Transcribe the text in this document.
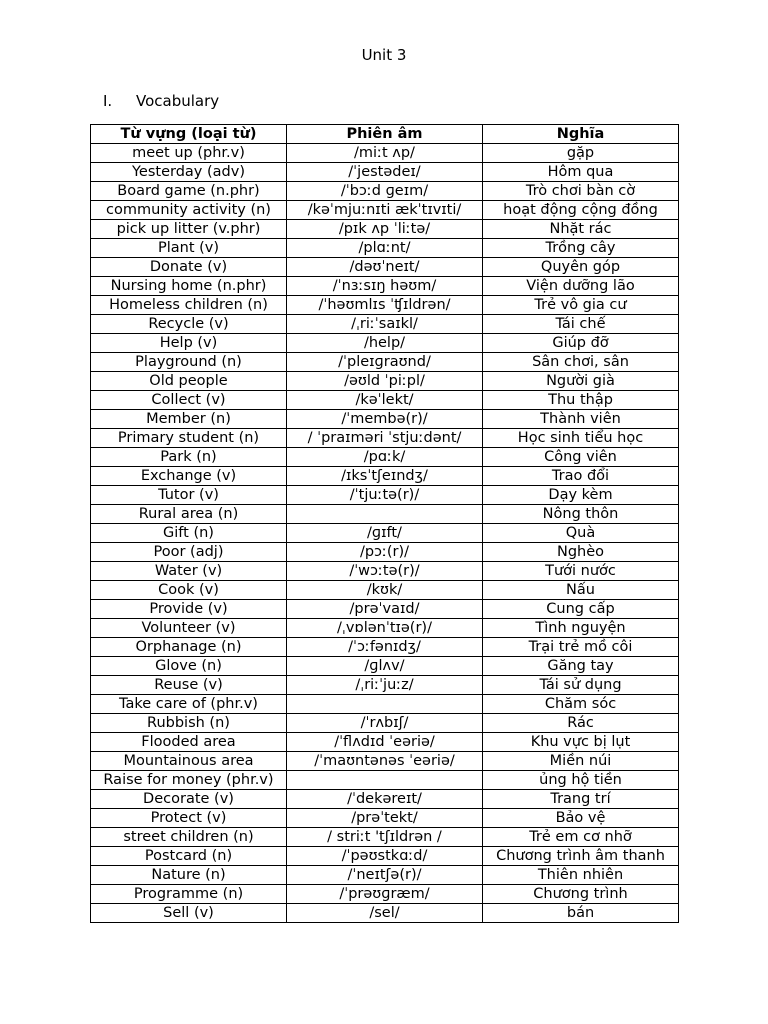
Unit 3
I. Vocabulary
Từ vựng (loại từ)	Phiên âm	Nghĩa
meet up (phr.v)	/miːt ʌp/	gặp
Yesterday (adv)	/ˈjestədeɪ/	Hôm qua
Board game (n.phr)	/ˈbɔːd ɡeɪm/	Trò chơi bàn cờ
community activity (n)	/kəˈmjuːnɪti ækˈtɪvɪti/	hoạt động cộng đồng
pick up litter (v.phr)	/pɪk ʌp ˈliːtə/	Nhặt rác
Plant (v)	/plɑːnt/	Trồng cây
Donate (v)	/dəʊˈneɪt/	Quyên góp
Nursing home (n.phr)	/ˈnɜːsɪŋ həʊm/	Viện dưỡng lão
Homeless children (n)	/ˈhəʊmlɪs ˈʧɪldrən/	Trẻ vô gia cư
Recycle (v)	/ˌriːˈsaɪkl/	Tái chế
Help (v)	/help/	Giúp đỡ
Playground (n)	/ˈpleɪɡraʊnd/	Sân chơi, sân
Old people	/əʊld ˈpiːpl/	Người già
Collect (v)	/kəˈlekt/	Thu thập
Member (n)	/ˈmembə(r)/	Thành viên
Primary student (n)	/ ˈpraɪməri ˈstjuːdənt/	Học sinh tiểu học
Park (n)	/pɑːk/	Công viên
Exchange (v)	/ɪksˈtʃeɪndʒ/	Trao đổi
Tutor (v)	/ˈtjuːtə(r)/	Dạy kèm
Rural area (n)		Nông thôn
Gift (n)	/ɡɪft/	Quà
Poor (adj)	/pɔː(r)/	Nghèo
Water (v)	/ˈwɔːtə(r)/	Tưới nước
Cook (v)	/kʊk/	Nấu
Provide (v)	/prəˈvaɪd/	Cung cấp
Volunteer (v)	/ˌvɒlənˈtɪə(r)/	Tình nguyện
Orphanage (n)	/ˈɔːfənɪdʒ/	Trại trẻ mồ côi
Glove (n)	/ɡlʌv/	Găng tay
Reuse (v)	/ˌriːˈjuːz/	Tái sử dụng
Take care of (phr.v)		Chăm sóc
Rubbish (n)	/ˈrʌbɪʃ/	Rác
Flooded area	/ˈflʌdɪd ˈeəriə/	Khu vực bị lụt
Mountainous area	/ˈmaʊntənəs ˈeəriə/	Miền núi
Raise for money (phr.v)		ủng hộ tiền
Decorate (v)	/ˈdekəreɪt/	Trang trí
Protect (v)	/prəˈtekt/	Bảo vệ
street children (n)	/ striːt 'tʃɪldrən /	Trẻ em cơ nhỡ
Postcard (n)	/ˈpəʊstkɑːd/	Chương trình âm thanh
Nature (n)	/ˈneɪtʃə(r)/	Thiên nhiên
Programme (n)	/ˈprəʊɡræm/	Chương trình
Sell (v)	/sel/	bán
